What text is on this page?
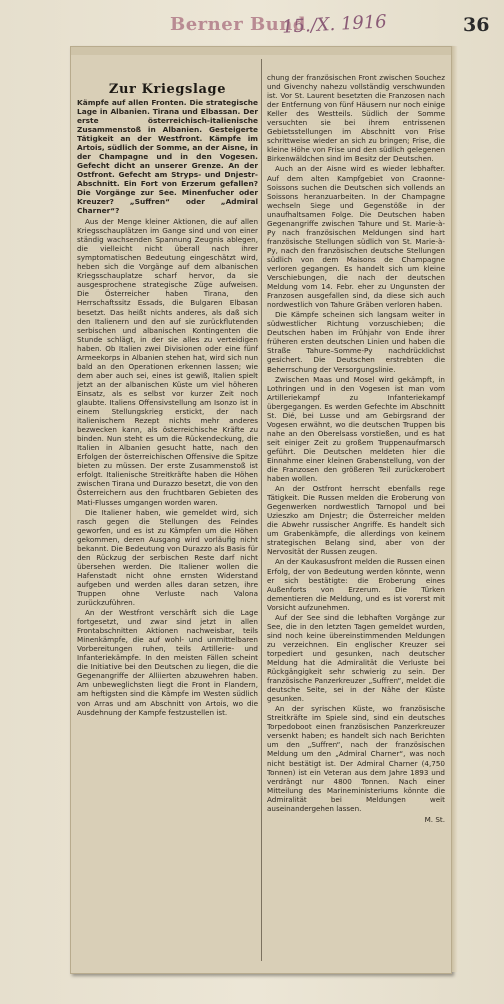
Berner Bund
15./X. 1916	36
Zur Kriegslage
Kämpfe auf allen Fronten. Die strategische Lage in Albanien. Tirana und Elbassan. Der erste österreichisch-italienische Zusammenstoß in Albanien. Gesteigerte Tätigkeit an der Westfront. Kämpfe im Artois, südlich der Somme, an der Aisne, in der Champagne und in den Vogesen. Gefecht dicht an unserer Grenze. An der Ostfront. Gefecht am Stryps- und Dnjestr-Abschnitt. Ein Fort von Erzerum gefallen? Die Vorgänge zur See. Minenfucher oder Kreuzer? „Suffren“ oder „Admiral Charner“?

Aus der Menge kleiner Aktionen, die auf allen Kriegsschauplätzen im Gange sind und von einer ständig wachsenden Spannung Zeugnis ablegen, die vielleicht nicht überall nach ihrer symptomatischen Bedeutung eingeschätzt wird, heben sich die Vorgänge auf dem albanischen Kriegsschauplatze scharf hervor, da sie ausgesprochene strategische Züge aufweisen. Die Österreicher haben Tirana, den Herrschaftssitz Essads, die Bulgaren Elbasan besetzt. Das heißt nichts anderes, als daß sich den Italienern und den auf sie zurückflutenden serbischen und albanischen Kontingenten die Stunde schlägt, in der sie alles zu verteidigen haben. Ob Italien zwei Divisionen oder eine fünf Armeekorps in Albanien stehen hat, wird sich nun bald an den Operationen erkennen lassen; wie dem aber auch sei, eines ist gewiß, Italien spielt jetzt an der albanischen Küste um viel höheren Einsatz, als es selbst vor kurzer Zeit noch glaubte. Italiens Offensivstellung am Isonzo ist in einem Stellungskrieg erstickt, der nach italienischem Rezept nichts mehr anderes bezwecken kann, als österreichische Kräfte zu binden. Nun steht es um die Rückendeckung, die Italien in Albanien gesucht hatte, nach den Erfolgen der österreichischen Offensive die Spitze bieten zu müssen. Der erste Zusammenstoß ist erfolgt. Italienische Streitkräfte haben die Höhen zwischen Tirana und Durazzo besetzt, die von den Österreichern aus den fruchtbaren Gebieten des Mati-Flusses umgangen worden waren.

Die Italiener haben, wie gemeldet wird, sich rasch gegen die Stellungen des Feindes geworfen, und es ist zu Kämpfen um die Höhen gekommen, deren Ausgang wird vorläufig nicht bekannt. Die Bedeutung von Durazzo als Basis für den Rückzug der serbischen Reste darf nicht übersehen werden. Die Italiener wollen die Hafenstadt nicht ohne ernsten Widerstand aufgeben und werden alles daran setzen, ihre Truppen ohne Verluste nach Valona zurückzuführen.

An der Westfront verschärft sich die Lage fortgesetzt, und zwar sind jetzt in allen Frontabschnitten Aktionen nachweisbar, teils Minenkämpfe, die auf wohl- und unmittelbaren Vorbereitungen ruhen, teils Artillerie- und Infanteriekämpfe. In den meisten Fällen scheint die Initiative bei den Deutschen zu liegen, die die Gegenangriffe der Alliierten abzuwehren haben. Am unbeweglichsten liegt die Front in Flandern, am heftigsten sind die Kämpfe im Westen südlich von Arras und am Abschnitt von Artois, wo die Ausdehnung der Kampfe festzustellen ist.

chung der französischen Front zwischen Souchez und Givenchy nahezu vollständig verschwunden ist. Vor St. Laurent besetzten die Franzosen nach der Entfernung von fünf Häusern nur noch einige Keller des Westteils. Südlich der Somme versuchten sie bei ihrem entrissenen Gebietsstellungen im Abschnitt von Frise schrittweise wieder an sich zu bringen; Frise, die kleine Höhe von Frise und den südlich gelegenen Birkenwäldchen sind im Besitz der Deutschen.

Auch an der Aisne wird es wieder lebhafter. Auf dem alten Kampfgebiet von Craonne-Soissons suchen die Deutschen sich vollends an Soissons heranzuarbeiten. In der Champagne wechseln Siege und Gegenstöße in der unaufhaltsamen Folge. Die Deutschen haben Gegenangriffe zwischen Tahure und St. Marie-à-Py nach französischen Meldungen sind hart französische Stellungen südlich von St. Marie-à-Py, nach den französischen deutsche Stellungen südlich von dem Maisons de Champagne verloren gegangen. Es handelt sich um kleine Verschiebungen, die nach der deutschen Meldung vom 14. Febr. eher zu Ungunsten der Franzosen ausgefallen sind, da diese sich auch nordwestlich von Tahure Gräben verloren haben.

Die Kämpfe scheinen sich langsam weiter in südwestlicher Richtung vorzuschieben; die Deutschen haben im Frühjahr von Ende ihrer früheren ersten deutschen Linien und haben die Straße Tahure–Somme-Py nachdrücklichst gesichert. Die Deutschen erstrebten die Beherrschung der Versorgungslinie.

Zwischen Maas und Mosel wird gekämpft, in Lothringen und in den Vogesen ist man vom Artilleriekampf zu Infanteriekampf übergegangen. Es werden Gefechte im Abschnitt St. Dié, bei Lusse und am Gebirgsrand der Vogesen erwähnt, wo die deutschen Truppen bis nahe an den Oberelsass vorstießen, und es hat seit einiger Zeit zu großem Truppenaufmarsch geführt. Die Deutschen meldeten hier die Einnahme einer kleinen Grabenstellung, von der die Franzosen den größeren Teil zurückerobert haben wollen.

An der Ostfront herrscht ebenfalls rege Tätigkeit. Die Russen melden die Eroberung von Gegenwerken nordwestlich Tarnopol und bei Uzieszko am Dnjestr; die Österreicher melden die Abwehr russischer Angriffe. Es handelt sich um Grabenkämpfe, die allerdings von keinem strategischen Belang sind, aber von der Nervosität der Russen zeugen.

An der Kaukasusfront melden die Russen einen Erfolg, der von Bedeutung werden könnte, wenn er sich bestätigte: die Eroberung eines Außenforts von Erzerum. Die Türken dementieren die Meldung, und es ist vorerst mit Vorsicht aufzunehmen.

Auf der See sind die lebhaften Vorgänge zur See, die in den letzten Tagen gemeldet wurden, sind noch keine übereinstimmenden Meldungen zu verzeichnen. Ein englischer Kreuzer sei torpediert und gesunken, nach deutscher Meldung hat die Admiralität die Verluste bei Rückgängigkeit sehr schwierig zu sein. Der französische Panzerkreuzer „Suffren“, meldet die deutsche Seite, sei in der Nähe der Küste gesunken.

An der syrischen Küste, wo französische Streitkräfte im Spiele sind, sind ein deutsches Torpedoboot einen französischen Panzerkreuzer versenkt haben; es handelt sich nach Berichten um den „Suffren“, nach der französischen Meldung um den „Admiral Charner“, was noch nicht bestätigt ist. Der Admiral Charner (4,750 Tonnen) ist ein Veteran aus dem Jahre 1893 und verdrängt nur 4800 Tonnen. Nach einer Mitteilung des Marineministeriums könnte die Admiralität bei Meldungen weit auseinandergehen lassen.

M. St.
